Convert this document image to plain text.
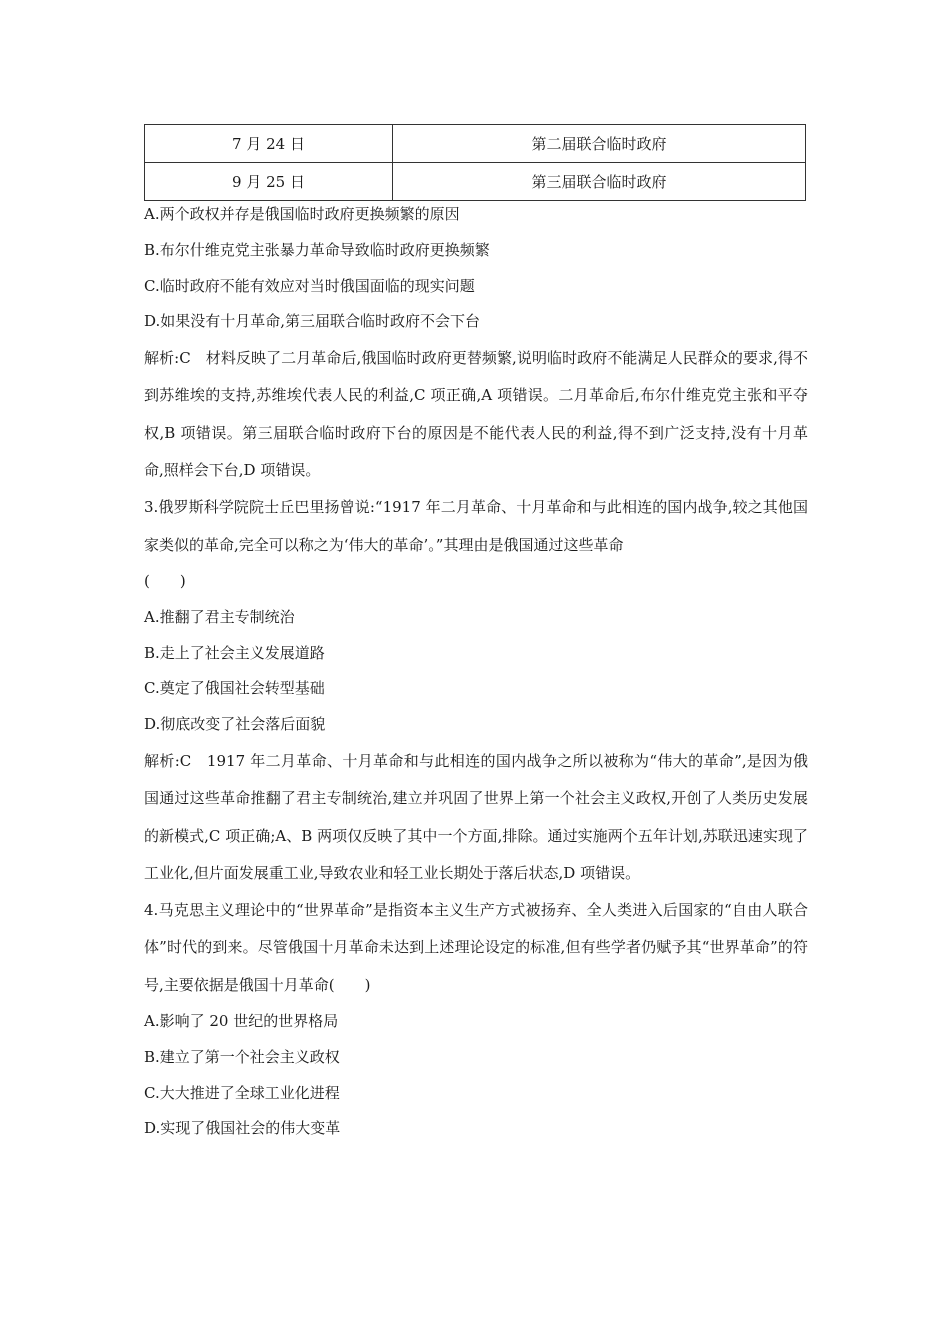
7 月 24 日	第二届联合临时政府
9 月 25 日	第三届联合临时政府
A.两个政权并存是俄国临时政府更换频繁的原因
B.布尔什维克党主张暴力革命导致临时政府更换频繁
C.临时政府不能有效应对当时俄国面临的现实问题
D.如果没有十月革命,第三届联合临时政府不会下台

解析:C　材料反映了二月革命后,俄国临时政府更替频繁,说明临时政府不能满足人民群众的要求,得不到苏维埃的支持,苏维埃代表人民的利益,C 项正确,A 项错误。二月革命后,布尔什维克党主张和平夺权,B 项错误。第三届联合临时政府下台的原因是不能代表人民的利益,得不到广泛支持,没有十月革命,照样会下台,D 项错误。

3.俄罗斯科学院院士丘巴里扬曾说:“1917 年二月革命、十月革命和与此相连的国内战争,较之其他国家类似的革命,完全可以称之为‘伟大的革命’。”其理由是俄国通过这些革命

(　　)
A.推翻了君主专制统治
B.走上了社会主义发展道路
C.奠定了俄国社会转型基础
D.彻底改变了社会落后面貌

解析:C　1917 年二月革命、十月革命和与此相连的国内战争之所以被称为“伟大的革命”,是因为俄国通过这些革命推翻了君主专制统治,建立并巩固了世界上第一个社会主义政权,开创了人类历史发展的新模式,C 项正确;A、B 两项仅反映了其中一个方面,排除。通过实施两个五年计划,苏联迅速实现了工业化,但片面发展重工业,导致农业和轻工业长期处于落后状态,D 项错误。

4.马克思主义理论中的“世界革命”是指资本主义生产方式被扬弃、全人类进入后国家的“自由人联合体”时代的到来。尽管俄国十月革命未达到上述理论设定的标准,但有些学者仍赋予其“世界革命”的符号,主要依据是俄国十月革命(　　)

A.影响了 20 世纪的世界格局
B.建立了第一个社会主义政权
C.大大推进了全球工业化进程
D.实现了俄国社会的伟大变革
